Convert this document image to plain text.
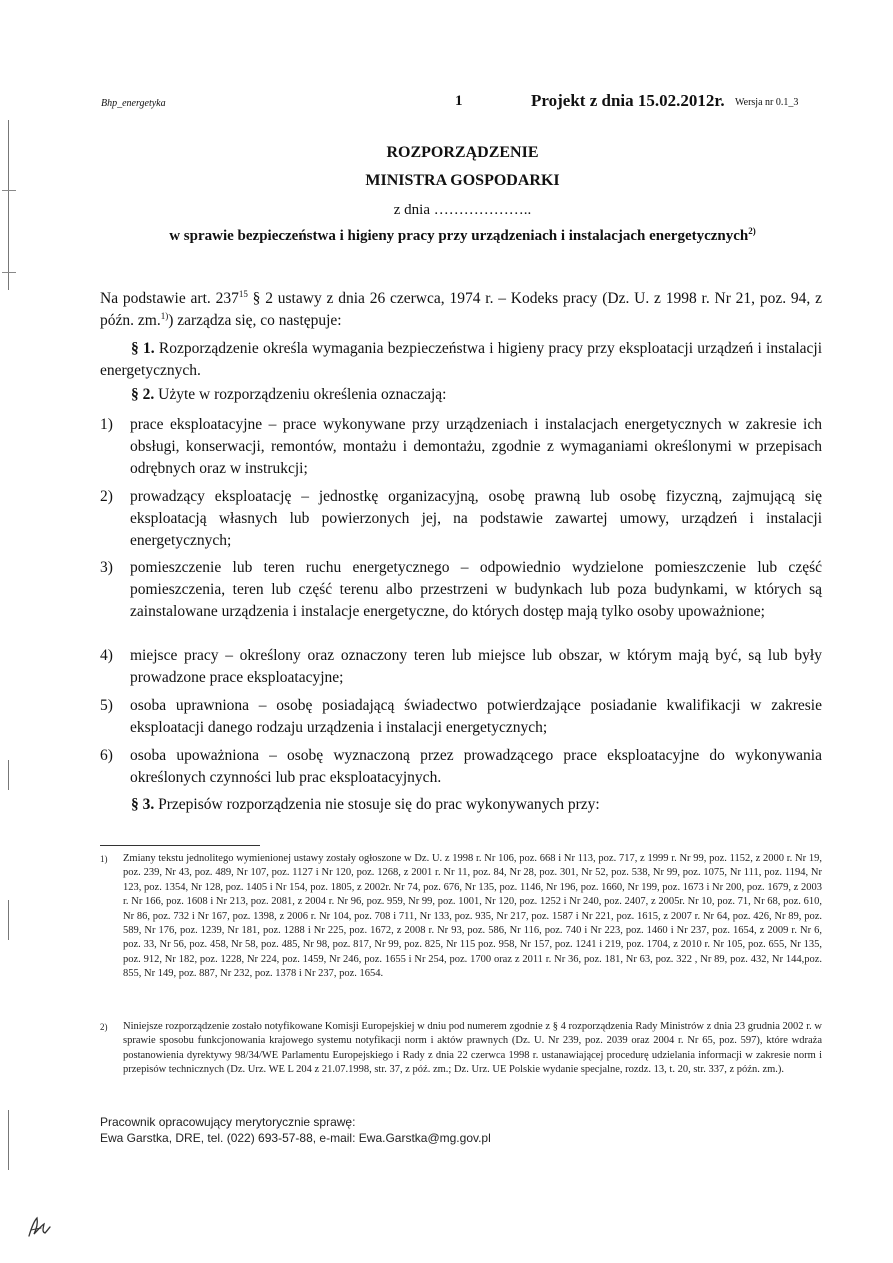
Bhp_energetyka	1	Projekt z dnia 15.02.2012r. Wersja nr 0.1_3
ROZPORZĄDZENIE
MINISTRA GOSPODARKI
z dnia ………………..
w sprawie bezpieczeństwa i higieny pracy przy urządzeniach i instalacjach energetycznych$^{2)}$
Na podstawie art. $237^{15}$ § 2 ustawy z dnia 26 czerwca, 1974 r. – Kodeks pracy (Dz. U. z 1998 r. Nr 21, poz. 94, z późn. zm.$^{1)}$) zarządza się, co następuje:
§ 1. Rozporządzenie określa wymagania bezpieczeństwa i higieny pracy przy eksploatacji urządzeń i instalacji energetycznych.
§ 2. Użyte w rozporządzeniu określenia oznaczają:
1) prace eksploatacyjne – prace wykonywane przy urządzeniach i instalacjach energetycznych w zakresie ich obsługi, konserwacji, remontów, montażu i demontażu, zgodnie z wymaganiami określonymi w przepisach odrębnych oraz w instrukcji;
2) prowadzący eksploatację – jednostkę organizacyjną, osobę prawną lub osobę fizyczną, zajmującą się eksploatacją własnych lub powierzonych jej, na podstawie zawartej umowy, urządzeń i instalacji energetycznych;
3) pomieszczenie lub teren ruchu energetycznego – odpowiednio wydzielone pomieszczenie lub część pomieszczenia, teren lub część terenu albo przestrzeni w budynkach lub poza budynkami, w których są zainstalowane urządzenia i instalacje energetyczne, do których dostęp mają tylko osoby upoważnione;
4) miejsce pracy – określony oraz oznaczony teren lub miejsce lub obszar, w którym mają być, są lub były prowadzone prace eksploatacyjne;
5) osoba uprawniona – osobę posiadającą świadectwo potwierdzające posiadanie kwalifikacji w zakresie eksploatacji danego rodzaju urządzenia i instalacji energetycznych;
6) osoba upoważniona – osobę wyznaczoną przez prowadzącego prace eksploatacyjne do wykonywania określonych czynności lub prac eksploatacyjnych.
§ 3. Przepisów rozporządzenia nie stosuje się do prac wykonywanych przy:
1) Zmiany tekstu jednolitego wymienionej ustawy zostały ogłoszone w Dz. U. z 1998 r. Nr 106, poz. 668 i Nr 113, poz. 717, z 1999 r. Nr 99, poz. 1152, z 2000 r. Nr 19, poz. 239, Nr 43, poz. 489, Nr 107, poz. 1127 i Nr 120, poz. 1268, z 2001 r. Nr 11, poz. 84, Nr 28, poz. 301, Nr 52, poz. 538, Nr 99, poz. 1075, Nr 111, poz. 1194, Nr 123, poz. 1354, Nr 128, poz. 1405 i Nr 154, poz. 1805, z 2002r. Nr 74, poz. 676, Nr 135, poz. 1146, Nr 196, poz. 1660, Nr 199, poz. 1673 i Nr 200, poz. 1679, z 2003 r. Nr 166, poz. 1608 i Nr 213, poz. 2081, z 2004 r. Nr 96, poz. 959, Nr 99, poz. 1001, Nr 120, poz. 1252 i Nr 240, poz. 2407, z 2005r. Nr 10, poz. 71, Nr 68, poz. 610, Nr 86, poz. 732 i Nr 167, poz. 1398, z 2006 r. Nr 104, poz. 708 i 711, Nr 133, poz. 935, Nr 217, poz. 1587 i Nr 221, poz. 1615, z 2007 r. Nr 64, poz. 426, Nr 89, poz. 589, Nr 176, poz. 1239, Nr 181, poz. 1288 i Nr 225, poz. 1672, z 2008 r. Nr 93, poz. 586, Nr 116, poz. 740 i Nr 223, poz. 1460 i Nr 237, poz. 1654, z 2009 r. Nr 6, poz. 33, Nr 56, poz. 458, Nr 58, poz. 485, Nr 98, poz. 817, Nr 99, poz. 825, Nr 115 poz. 958, Nr 157, poz. 1241 i 219, poz. 1704, z 2010 r. Nr 105, poz. 655, Nr 135, poz. 912, Nr 182, poz. 1228, Nr 224, poz. 1459, Nr 246, poz. 1655 i Nr 254, poz. 1700 oraz z 2011 r. Nr 36, poz. 181, Nr 63, poz. 322 , Nr 89, poz. 432, Nr 144,poz. 855, Nr 149, poz. 887, Nr 232, poz. 1378 i Nr 237, poz. 1654.
2) Niniejsze rozporządzenie zostało notyfikowane Komisji Europejskiej w dniu pod numerem zgodnie z § 4 rozporządzenia Rady Ministrów z dnia 23 grudnia 2002 r. w sprawie sposobu funkcjonowania krajowego systemu notyfikacji norm i aktów prawnych (Dz. U. Nr 239, poz. 2039 oraz 2004 r. Nr 65, poz. 597), które wdraża postanowienia dyrektywy 98/34/WE Parlamentu Europejskiego i Rady z dnia 22 czerwca 1998 r. ustanawiającej procedurę udzielania informacji w zakresie norm i przepisów technicznych (Dz. Urz. WE L 204 z 21.07.1998, str. 37, z póź. zm.; Dz. Urz. UE Polskie wydanie specjalne, rozdz. 13, t. 20, str. 337, z późn. zm.).
Pracownik opracowujący merytorycznie sprawę:
Ewa Garstka, DRE, tel. (022) 693-57-88, e-mail: Ewa.Garstka@mg.gov.pl
